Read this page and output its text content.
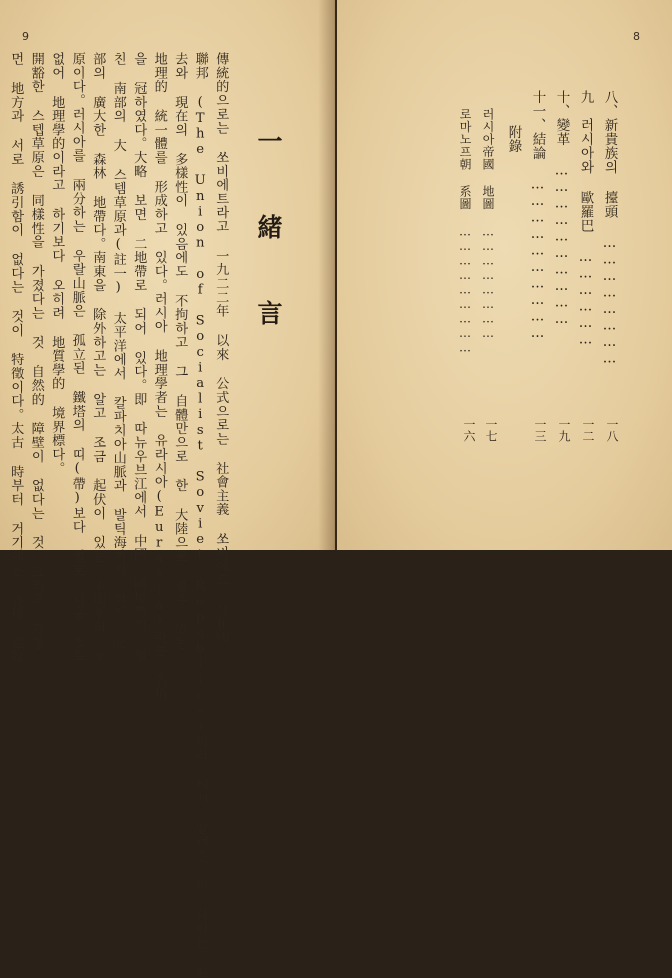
9
一 緒 言
傳統的으로는 쏘비에트라고 一九二二年 以來 公式으로는 社會主義 쏘비에트 共和國
聯邦 (The Union of Socialist Soviet Republics)이라 해서 알려진 이 나라는 過
去와 現在의 多樣性이 있음에도 不拘하고 그 自體만으로 한 大陸으로 볼수 있는
地理的 統一體를 形成하고 있다。러시아 地理學者는 유라시아(Eurasia)라는 名稱
을 冠하였다。大略 보면 二地帶로 되어 있다。即 따뉴우브江에서 中國 國境까지 펼
친 南部의 大 스템草原과(註一) 太平洋에서 칼파치아山脈과 발틱海까지 퍼진 北
部의 廣大한 森林 地帶다。南東을 除外하고는 알고 조금 起伏이 있는 未開墾의 平
原이다。러시아를 兩分하는 우랄山脈은 孤立된 鐵塔의 띠(帶)보다 별로 나을 것도
없어 地理學的이라고 하기보다 오히려 地質學的 境界標다。
開豁한 스텝草原은 同樣性을 가졌다는 것 自然的 障壁이 없다는 것 그리고 가장
먼 地方과 서로 誘引함이 없다는 것이 特徵이다。太古 時부터 거기에는 各種 遊牧
8
八、新貴族의 擡頭 ……………………
一八
九　러시아와 歐羅巴 ………………
一二
十、變革 …………………………
一九
十一、結論 …………………………
一三
附錄
러시아帝國 地圖 ……………………
一七
로마노프朝 系圖 ………………………
一六
